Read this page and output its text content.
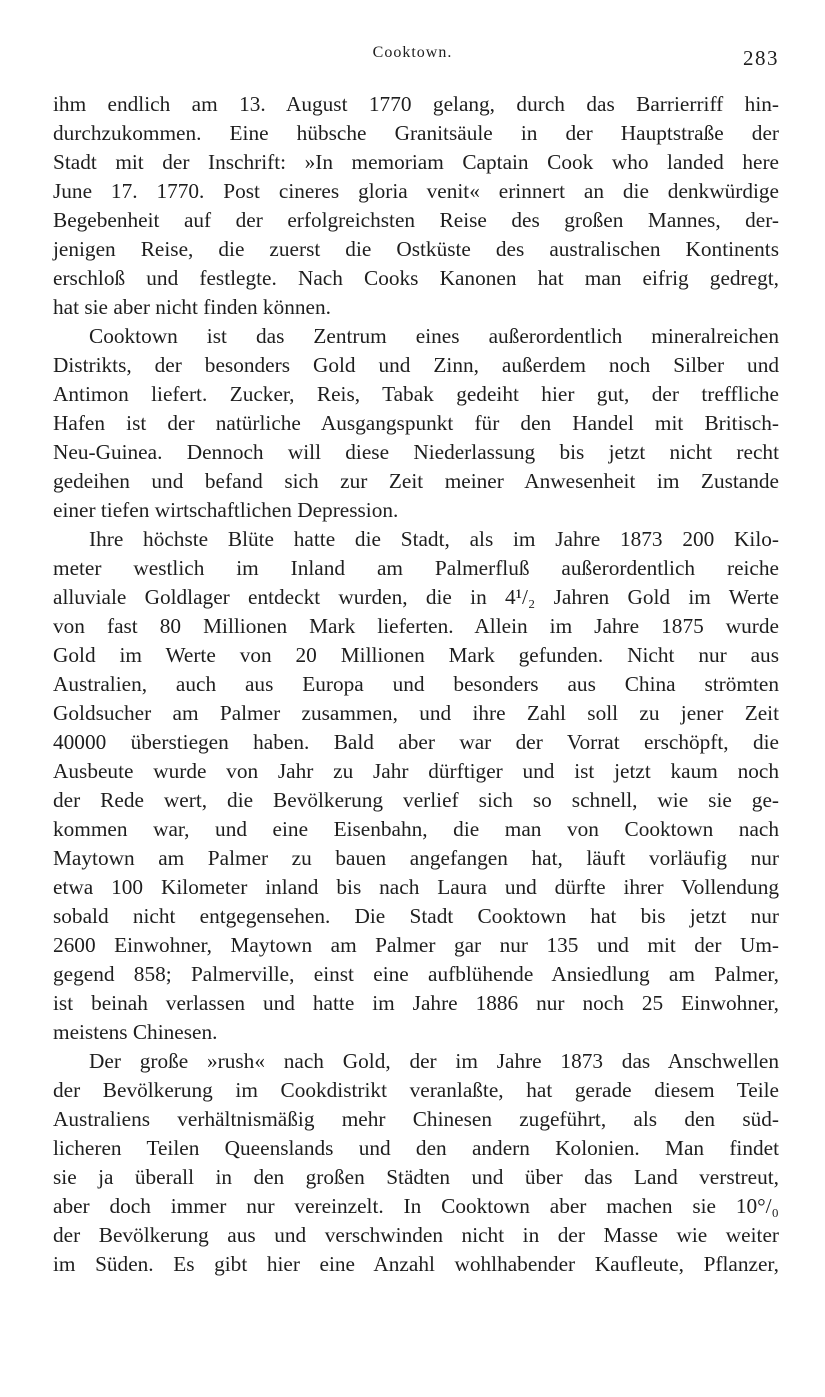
Cooktown.	283
ihm endlich am 13. August 1770 gelang, durch das Barrierriff hin-
durchzukommen. Eine hübsche Granitsäule in der Hauptstraße der
Stadt mit der Inschrift: »In memoriam Captain Cook who landed here
June 17. 1770. Post cineres gloria venit« erinnert an die denkwürdige
Begebenheit auf der erfolgreichsten Reise des großen Mannes, der-
jenigen Reise, die zuerst die Ostküste des australischen Kontinents
erschloß und festlegte. Nach Cooks Kanonen hat man eifrig gedregt,
hat sie aber nicht finden können.
Cooktown ist das Zentrum eines außerordentlich mineralreichen
Distrikts, der besonders Gold und Zinn, außerdem noch Silber und
Antimon liefert. Zucker, Reis, Tabak gedeiht hier gut, der treffliche
Hafen ist der natürliche Ausgangspunkt für den Handel mit Britisch-
Neu-Guinea. Dennoch will diese Niederlassung bis jetzt nicht recht
gedeihen und befand sich zur Zeit meiner Anwesenheit im Zustande
einer tiefen wirtschaftlichen Depression.
Ihre höchste Blüte hatte die Stadt, als im Jahre 1873 200 Kilo-
meter westlich im Inland am Palmerfluß außerordentlich reiche
alluviale Goldlager entdeckt wurden, die in 4¹/₂ Jahren Gold im Werte
von fast 80 Millionen Mark lieferten. Allein im Jahre 1875 wurde
Gold im Werte von 20 Millionen Mark gefunden. Nicht nur aus
Australien, auch aus Europa und besonders aus China strömten
Goldsucher am Palmer zusammen, und ihre Zahl soll zu jener Zeit
40000 überstiegen haben. Bald aber war der Vorrat erschöpft, die
Ausbeute wurde von Jahr zu Jahr dürftiger und ist jetzt kaum noch
der Rede wert, die Bevölkerung verlief sich so schnell, wie sie ge-
kommen war, und eine Eisenbahn, die man von Cooktown nach
Maytown am Palmer zu bauen angefangen hat, läuft vorläufig nur
etwa 100 Kilometer inland bis nach Laura und dürfte ihrer Vollendung
sobald nicht entgegensehen. Die Stadt Cooktown hat bis jetzt nur
2600 Einwohner, Maytown am Palmer gar nur 135 und mit der Um-
gegend 858; Palmerville, einst eine aufblühende Ansiedlung am Palmer,
ist beinah verlassen und hatte im Jahre 1886 nur noch 25 Einwohner,
meistens Chinesen.
Der große »rush« nach Gold, der im Jahre 1873 das Anschwellen
der Bevölkerung im Cookdistrikt veranlaßte, hat gerade diesem Teile
Australiens verhältnismäßig mehr Chinesen zugeführt, als den süd-
licheren Teilen Queenslands und den andern Kolonien. Man findet
sie ja überall in den großen Städten und über das Land verstreut,
aber doch immer nur vereinzelt. In Cooktown aber machen sie 10°/₀
der Bevölkerung aus und verschwinden nicht in der Masse wie weiter
im Süden. Es gibt hier eine Anzahl wohlhabender Kaufleute, Pflanzer,
